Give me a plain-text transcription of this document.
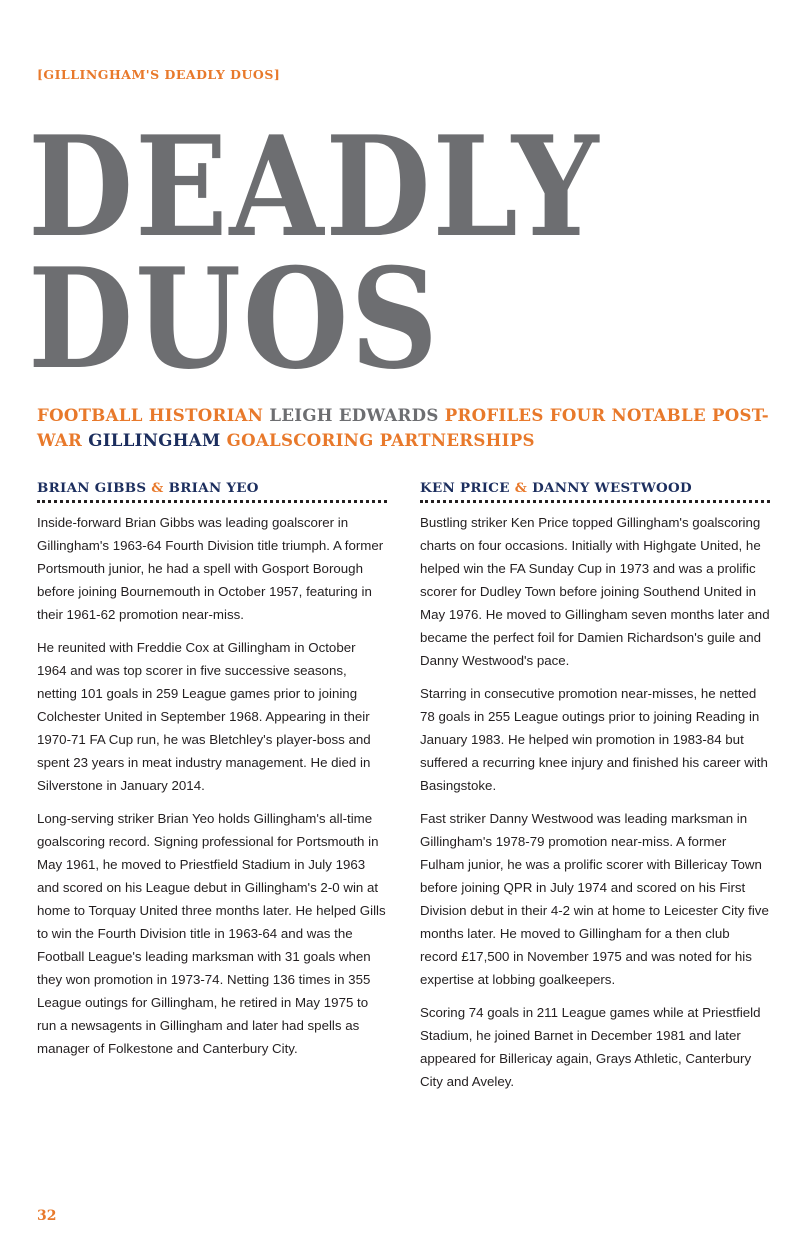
[GILLINGHAM'S DEADLY DUOS]
DEADLY
DUOS
FOOTBALL HISTORIAN LEIGH EDWARDS PROFILES FOUR NOTABLE POST-WAR GILLINGHAM GOALSCORING PARTNERSHIPS
BRIAN GIBBS & BRIAN YEO

Inside-forward Brian Gibbs was leading goalscorer in Gillingham's 1963-64 Fourth Division title triumph. A former Portsmouth junior, he had a spell with Gosport Borough before joining Bournemouth in October 1957, featuring in their 1961-62 promotion near-miss.

He reunited with Freddie Cox at Gillingham in October 1964 and was top scorer in five successive seasons, netting 101 goals in 259 League games prior to joining Colchester United in September 1968. Appearing in their 1970-71 FA Cup run, he was Bletchley's player-boss and spent 23 years in meat industry management. He died in Silverstone in January 2014.

Long-serving striker Brian Yeo holds Gillingham's all-time goalscoring record. Signing professional for Portsmouth in May 1961, he moved to Priestfield Stadium in July 1963 and scored on his League debut in Gillingham's 2-0 win at home to Torquay United three months later. He helped Gills to win the Fourth Division title in 1963-64 and was the Football League's leading marksman with 31 goals when they won promotion in 1973-74. Netting 136 times in 355 League outings for Gillingham, he retired in May 1975 to run a newsagents in Gillingham and later had spells as manager of Folkestone and Canterbury City.

KEN PRICE & DANNY WESTWOOD

Bustling striker Ken Price topped Gillingham's goalscoring charts on four occasions. Initially with Highgate United, he helped win the FA Sunday Cup in 1973 and was a prolific scorer for Dudley Town before joining Southend United in May 1976. He moved to Gillingham seven months later and became the perfect foil for Damien Richardson's guile and Danny Westwood's pace.

Starring in consecutive promotion near-misses, he netted 78 goals in 255 League outings prior to joining Reading in January 1983. He helped win promotion in 1983-84 but suffered a recurring knee injury and finished his career with Basingstoke.

Fast striker Danny Westwood was leading marksman in Gillingham's 1978-79 promotion near-miss. A former Fulham junior, he was a prolific scorer with Billericay Town before joining QPR in July 1974 and scored on his First Division debut in their 4-2 win at home to Leicester City five months later. He moved to Gillingham for a then club record £17,500 in November 1975 and was noted for his expertise at lobbing goalkeepers.

Scoring 74 goals in 211 League games while at Priestfield Stadium, he joined Barnet in December 1981 and later appeared for Billericay again, Grays Athletic, Canterbury City and Aveley.

32
